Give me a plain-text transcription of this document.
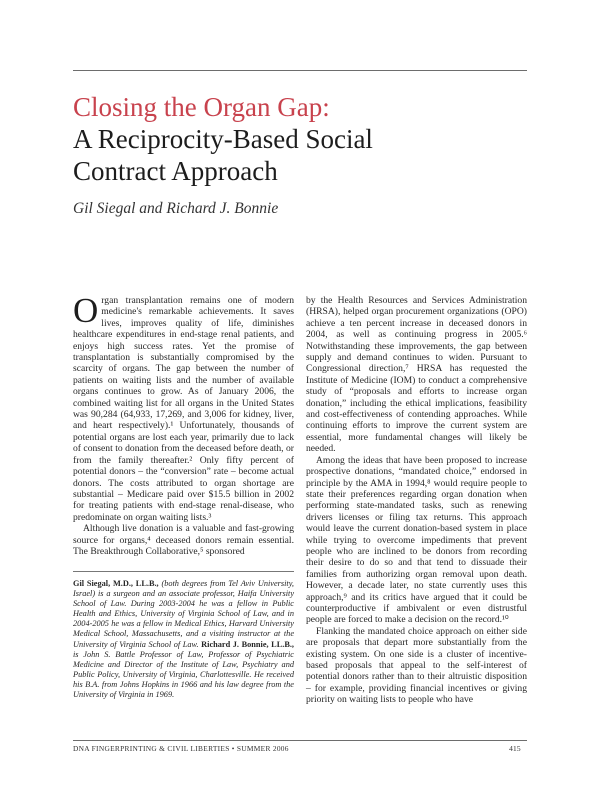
Closing the Organ Gap:
A Reciprocity-Based Social
Contract Approach
Gil Siegal and Richard J. Bonnie

Organ transplantation remains one of modern medicine's remarkable achievements. It saves lives, improves quality of life, diminishes healthcare expenditures in end-stage renal patients, and enjoys high success rates. Yet the promise of transplantation is substantially compromised by the scarcity of organs. The gap between the number of patients on waiting lists and the number of available organs continues to grow. As of January 2006, the combined waiting list for all organs in the United States was 90,284 (64,933, 17,269, and 3,006 for kidney, liver, and heart respectively).¹ Unfortunately, thousands of potential organs are lost each year, primarily due to lack of consent to donation from the deceased before death, or from the family thereafter.² Only fifty percent of potential donors – the “conversion” rate – become actual donors. The costs attributed to organ shortage are substantial – Medicare paid over $15.5 billion in 2002 for treating patients with end-stage renal-disease, who predominate on organ waiting lists.³

Although live donation is a valuable and fast-growing source for organs,⁴ deceased donors remain essential. The Breakthrough Collaborative,⁵ sponsored

by the Health Resources and Services Administration (HRSA), helped organ procurement organizations (OPO) achieve a ten percent increase in deceased donors in 2004, as well as continuing progress in 2005.⁶ Notwithstanding these improvements, the gap between supply and demand continues to widen. Pursuant to Congressional direction,⁷ HRSA has requested the Institute of Medicine (IOM) to conduct a comprehensive study of “proposals and efforts to increase organ donation,” including the ethical implications, feasibility and cost-effectiveness of contending approaches. While continuing efforts to improve the current system are essential, more fundamental changes will likely be needed.

Among the ideas that have been proposed to increase prospective donations, “mandated choice,” endorsed in principle by the AMA in 1994,⁸ would require people to state their preferences regarding organ donation when performing state-mandated tasks, such as renewing drivers licenses or filing tax returns. This approach would leave the current donation-based system in place while trying to overcome impediments that prevent people who are inclined to be donors from recording their desire to do so and that tend to dissuade their families from authorizing organ removal upon death. However, a decade later, no state currently uses this approach,⁹ and its critics have argued that it could be counterproductive if ambivalent or even distrustful people are forced to make a decision on the record.¹⁰

Flanking the mandated choice approach on either side are proposals that depart more substantially from the existing system. On one side is a cluster of incentive-based proposals that appeal to the self-interest of potential donors rather than to their altruistic disposition – for example, providing financial incentives or giving priority on waiting lists to people who have

Gil Siegal, M.D., LL.B., (both degrees from Tel Aviv University, Israel) is a surgeon and an associate professor, Haifa University School of Law. During 2003-2004 he was a fellow in Public Health and Ethics, University of Virginia School of Law, and in 2004-2005 he was a fellow in Medical Ethics, Harvard University Medical School, Massachusetts, and a visiting instructor at the University of Virginia School of Law. Richard J. Bonnie, LL.B., is John S. Battle Professor of Law, Professor of Psychiatric Medicine and Director of the Institute of Law, Psychiatry and Public Policy, University of Virginia, Charlottesville. He received his B.A. from Johns Hopkins in 1966 and his law degree from the University of Virginia in 1969.
DNA FINGERPRINTING & CIVIL LIBERTIES • SUMMER 2006	415
